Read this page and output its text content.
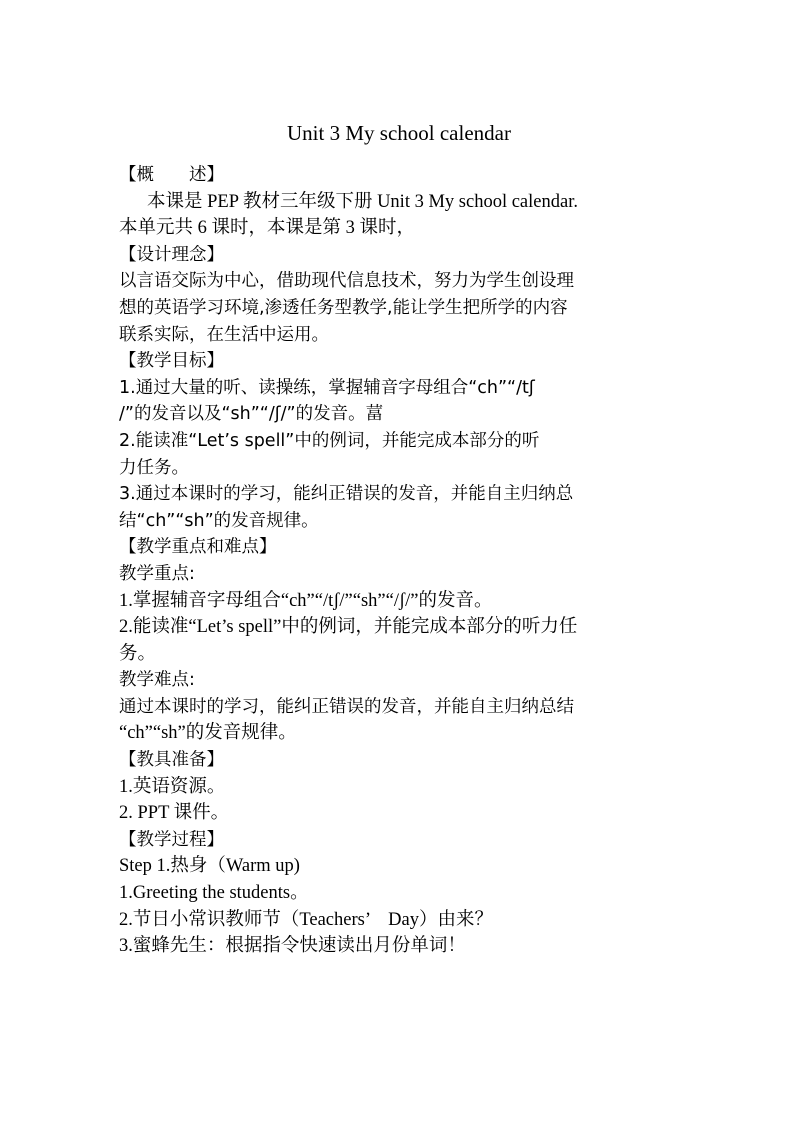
Unit 3 My school calendar

【概　　述】

本课是 PEP 教材三年级下册 Unit 3 My school calendar.

本单元共 6 课时，本课是第 3 课时，

【设计理念】

以言语交际为中心，借助现代信息技术，努力为学生创设理

想的英语学习环境,渗透任务型教学,能让学生把所学的内容

联系实际，在生活中运用。

【教学目标】

1.通过大量的听、读操练，掌握辅音字母组合“ch”“/tʃ

/”的发音以及“sh”“/ʃ/”的发音。葍

2.能读准“Let’s spell”中的例词，并能完成本部分的听

力任务。

3.通过本课时的学习，能纠正错误的发音，并能自主归纳总

结“ch”“sh”的发音规律。

【教学重点和难点】

教学重点:

1.掌握辅音字母组合“ch”“/tʃ/”“sh”“/ʃ/”的发音。

2.能读准“Let’s spell”中的例词，并能完成本部分的听力任

务。

教学难点:

通过本课时的学习，能纠正错误的发音，并能自主归纳总结

“ch”“sh”的发音规律。

【教具准备】

1.英语资源。

2. PPT 课件。

【教学过程】

Step 1.热身（Warm up)

1.Greeting the students。

2.节日小常识教师节（Teachers’　Day）由来？

3.蜜蜂先生：根据指令快速读出月份单词！
